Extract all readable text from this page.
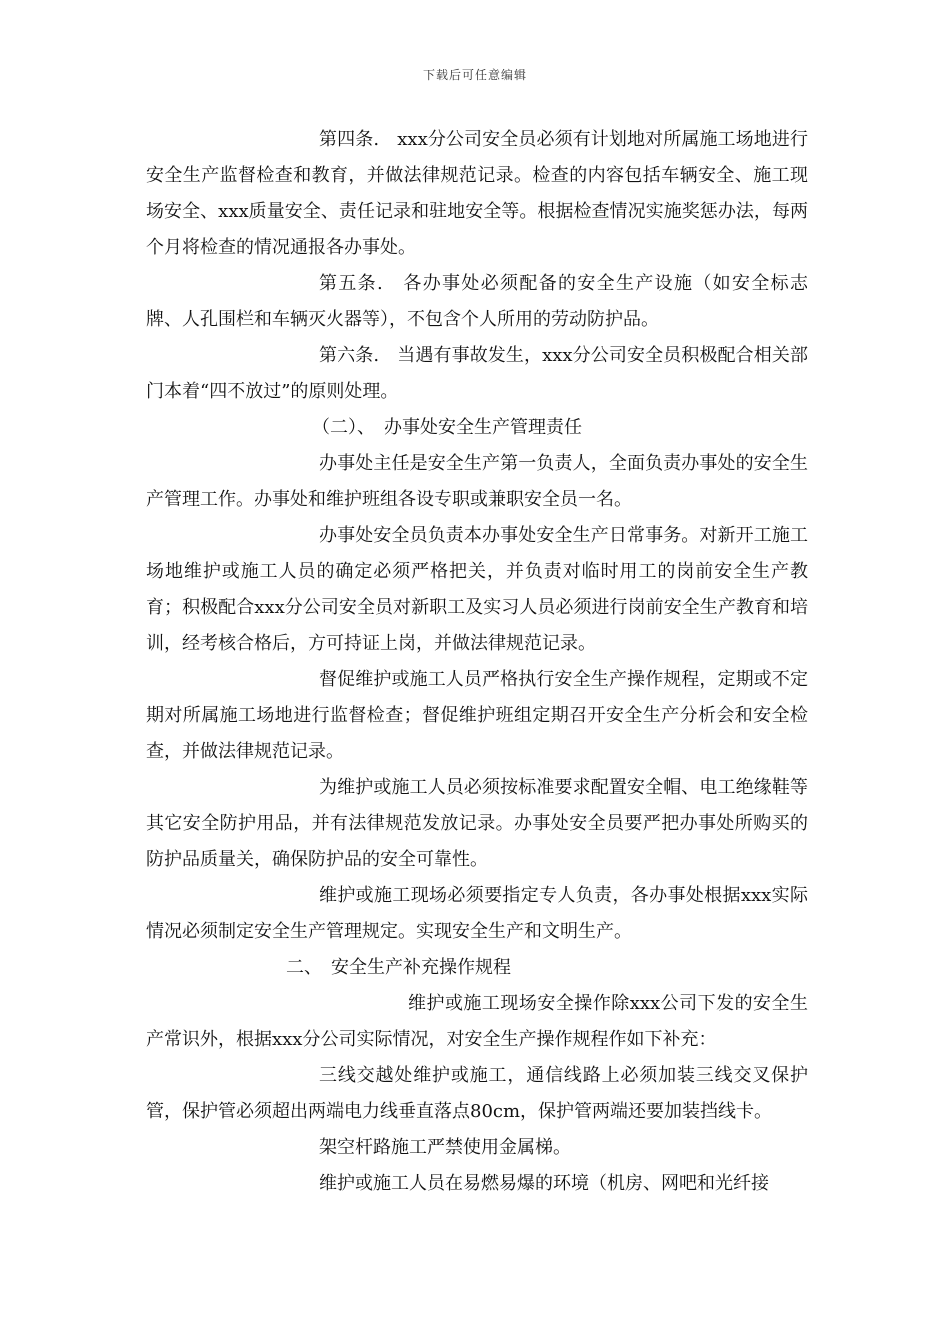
下载后可任意编辑

第四条.　xxx分公司安全员必须有计划地对所属施工场地进行安全生产监督检查和教育，并做法律规范记录。检查的内容包括车辆安全、施工现场安全、xxx质量安全、责任记录和驻地安全等。根据检查情况实施奖惩办法，每两个月将检查的情况通报各办事处。

第五条.　各办事处必须配备的安全生产设施（如安全标志牌、人孔围栏和车辆灭火器等），不包含个人所用的劳动防护品。

第六条.　当遇有事故发生，xxx分公司安全员积极配合相关部门本着“四不放过”的原则处理。

（二）、　办事处安全生产管理责任

办事处主任是安全生产第一负责人，全面负责办事处的安全生产管理工作。办事处和维护班组各设专职或兼职安全员一名。

办事处安全员负责本办事处安全生产日常事务。对新开工施工场地维护或施工人员的确定必须严格把关，并负责对临时用工的岗前安全生产教育；积极配合xxx分公司安全员对新职工及实习人员必须进行岗前安全生产教育和培训，经考核合格后，方可持证上岗，并做法律规范记录。

督促维护或施工人员严格执行安全生产操作规程，定期或不定期对所属施工场地进行监督检查；督促维护班组定期召开安全生产分析会和安全检查，并做法律规范记录。

为维护或施工人员必须按标准要求配置安全帽、电工绝缘鞋等其它安全防护用品，并有法律规范发放记录。办事处安全员要严把办事处所购买的防护品质量关，确保防护品的安全可靠性。

维护或施工现场必须要指定专人负责，各办事处根据xxx实际情况必须制定安全生产管理规定。实现安全生产和文明生产。

二、　安全生产补充操作规程

维护或施工现场安全操作除xxx公司下发的安全生产常识外，根据xxx分公司实际情况，对安全生产操作规程作如下补充：

三线交越处维护或施工，通信线路上必须加装三线交叉保护管，保护管必须超出两端电力线垂直落点80cm，保护管两端还要加装挡线卡。

架空杆路施工严禁使用金属梯。

维护或施工人员在易燃易爆的环境（机房、网吧和光纤接
